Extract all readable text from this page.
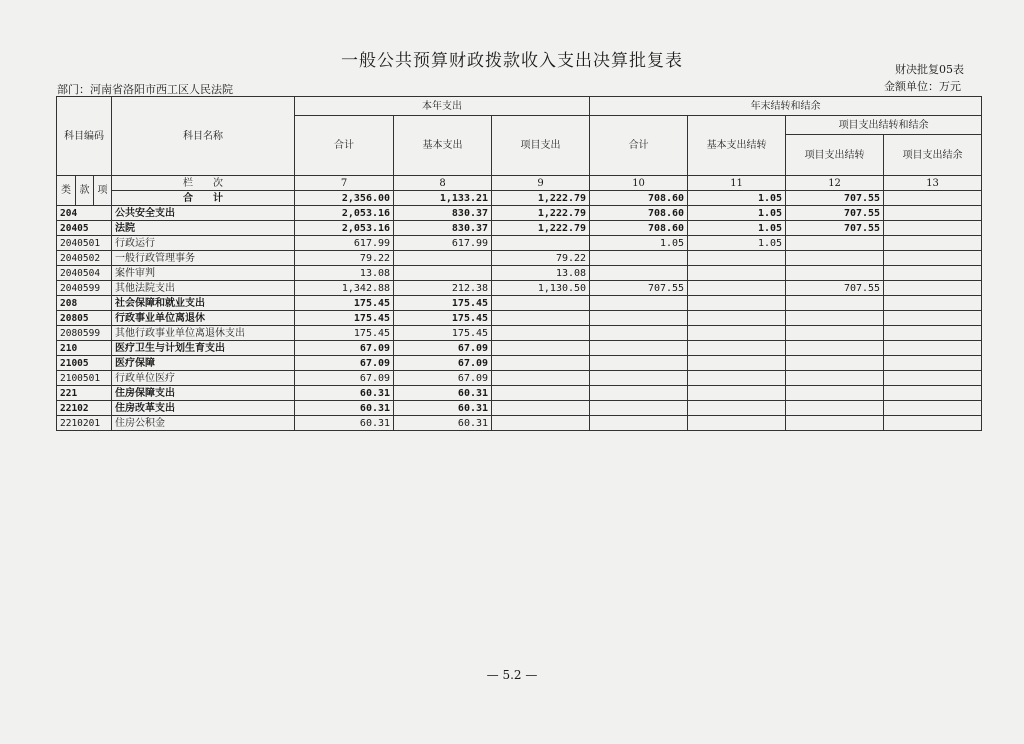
一般公共预算财政拨款收入支出决算批复表	财决批复05表
金额单位：万元
部门：河南省洛阳市西工区人民法院
科目编码			科目名称	本年支出			年末结转和结余			
				合计	基本支出	项目支出	合计	基本支出结转	项目支出结转和结余	
									项目支出结转	项目支出结余
类	款	项	栏　　次	7	8	9	10	11	12	13
			合　　计	2,356.00	1,133.21	1,222.79	708.60	1.05	707.55	
204			公共安全支出	2,053.16	830.37	1,222.79	708.60	1.05	707.55	
20405			法院	2,053.16	830.37	1,222.79	708.60	1.05	707.55	
2040501			行政运行	617.99	617.99		1.05	1.05		
2040502			一般行政管理事务	79.22		79.22				
2040504			案件审判	13.08		13.08				
2040599			其他法院支出	1,342.88	212.38	1,130.50	707.55		707.55	
208			社会保障和就业支出	175.45	175.45					
20805			行政事业单位离退休	175.45	175.45					
2080599			其他行政事业单位离退休支出	175.45	175.45					
210			医疗卫生与计划生育支出	67.09	67.09					
21005			医疗保障	67.09	67.09					
2100501			行政单位医疗	67.09	67.09					
221			住房保障支出	60.31	60.31					
22102			住房改革支出	60.31	60.31					
2210201			住房公积金	60.31	60.31					
— 5.2 —
